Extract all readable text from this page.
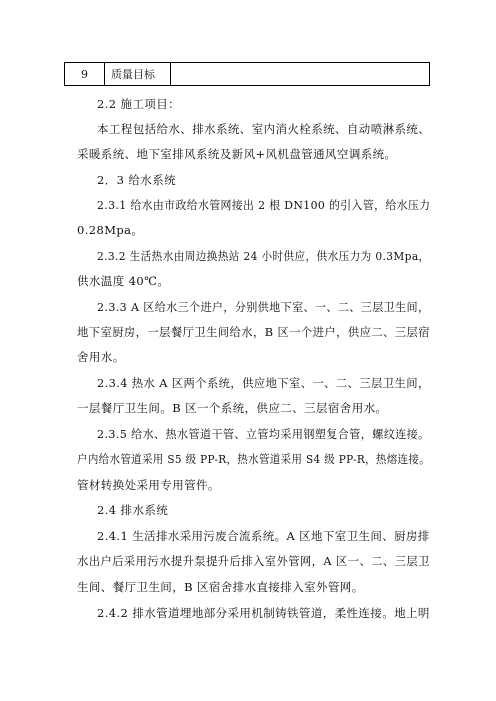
9	质量目标
2.2 施工项目：
本工程包括给水、排水系统、室内消火栓系统、自动喷淋系统、
采暖系统、地下室排风系统及新风+风机盘管通风空调系统。
2．3 给水系统
2.3.1 给水由市政给水管网接出 2 根 DN100 的引入管，给水压力
0.28Mpa。
2.3.2 生活热水由周边换热站 24 小时供应，供水压力为 0.3Mpa，
供水温度 40℃。
2.3.3 A 区给水三个进户，分别供地下室、一、二、三层卫生间，
地下室厨房，一层餐厅卫生间给水，B 区一个进户，供应二、三层宿
舍用水。
2.3.4 热水 A 区两个系统，供应地下室、一、二、三层卫生间，
一层餐厅卫生间。B 区一个系统，供应二、三层宿舍用水。
2.3.5 给水、热水管道干管、立管均采用钢塑复合管，螺纹连接。
户内给水管道采用 S5 级 PP-R，热水管道采用 S4 级 PP-R，热熔连接。
管材转换处采用专用管件。
2.4 排水系统
2.4.1 生活排水采用污废合流系统。A 区地下室卫生间、厨房排
水出户后采用污水提升泵提升后排入室外管网，A 区一、二、三层卫
生间、餐厅卫生间，B 区宿舍排水直接排入室外管网。
2.4.2 排水管道埋地部分采用机制铸铁管道，柔性连接。地上明
